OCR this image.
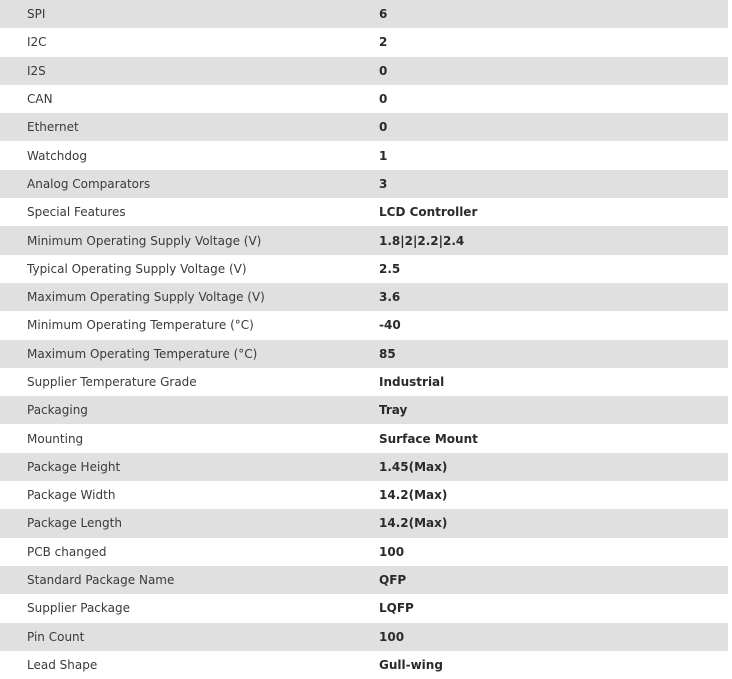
SPI	6
I2C	2
I2S	0
CAN	0
Ethernet	0
Watchdog	1
Analog Comparators	3
Special Features	LCD Controller
Minimum Operating Supply Voltage (V)	1.8|2|2.2|2.4
Typical Operating Supply Voltage (V)	2.5
Maximum Operating Supply Voltage (V)	3.6
Minimum Operating Temperature (°C)	-40
Maximum Operating Temperature (°C)	85
Supplier Temperature Grade	Industrial
Packaging	Tray
Mounting	Surface Mount
Package Height	1.45(Max)
Package Width	14.2(Max)
Package Length	14.2(Max)
PCB changed	100
Standard Package Name	QFP
Supplier Package	LQFP
Pin Count	100
Lead Shape	Gull-wing
